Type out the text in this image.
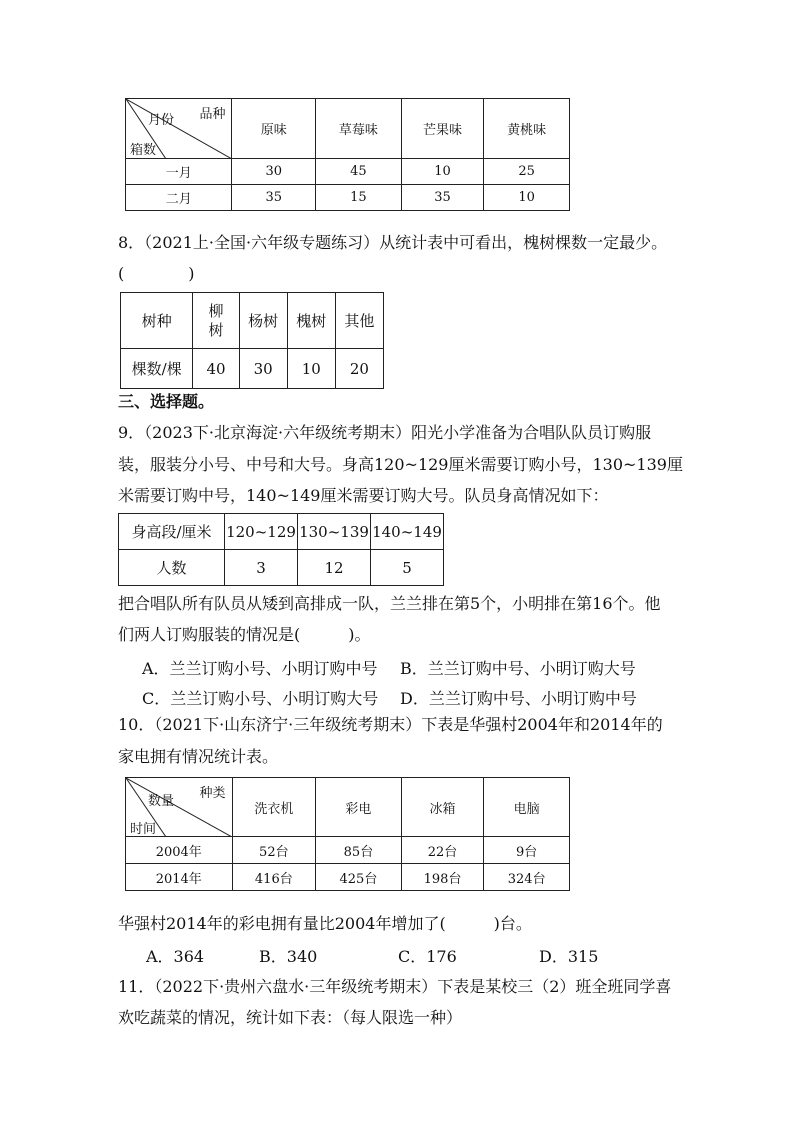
品种
月份
箱数	原味	草莓味	芒果味	黄桃味
一月	30	45	10	25
二月	35	15	35	10
8．（2021上·全国·六年级专题练习）从统计表中可看出，槐树棵数一定最少。
(　　　　)
树种	柳树	杨树	槐树	其他
棵数/棵	40	30	10	20
三、选择题。
9．（2023下·北京海淀·六年级统考期末）阳光小学准备为合唱队队员订购服
装，服装分小号、中号和大号。身高120~129厘米需要订购小号，130~139厘
米需要订购中号，140~149厘米需要订购大号。队员身高情况如下：
身高段/厘米	120~129	130~139	140~149
人数	3	12	5
把合唱队所有队员从矮到高排成一队，兰兰排在第5个，小明排在第16个。他
们两人订购服装的情况是(　　　)。
A．兰兰订购小号、小明订购中号 B．兰兰订购中号、小明订购大号
C．兰兰订购小号、小明订购大号 D．兰兰订购中号、小明订购中号
10．（2021下·山东济宁·三年级统考期末）下表是华强村2004年和2014年的
家电拥有情况统计表。
种类
数量
时间	洗衣机	彩电	冰箱	电脑
2004年	52台	85台	22台	9台
2014年	416台	425台	198台	324台
华强村2014年的彩电拥有量比2004年增加了(　　　)台。
A．364	B．340	C．176	D．315
11．（2022下·贵州六盘水·三年级统考期末）下表是某校三（2）班全班同学喜
欢吃蔬菜的情况，统计如下表：（每人限选一种）
